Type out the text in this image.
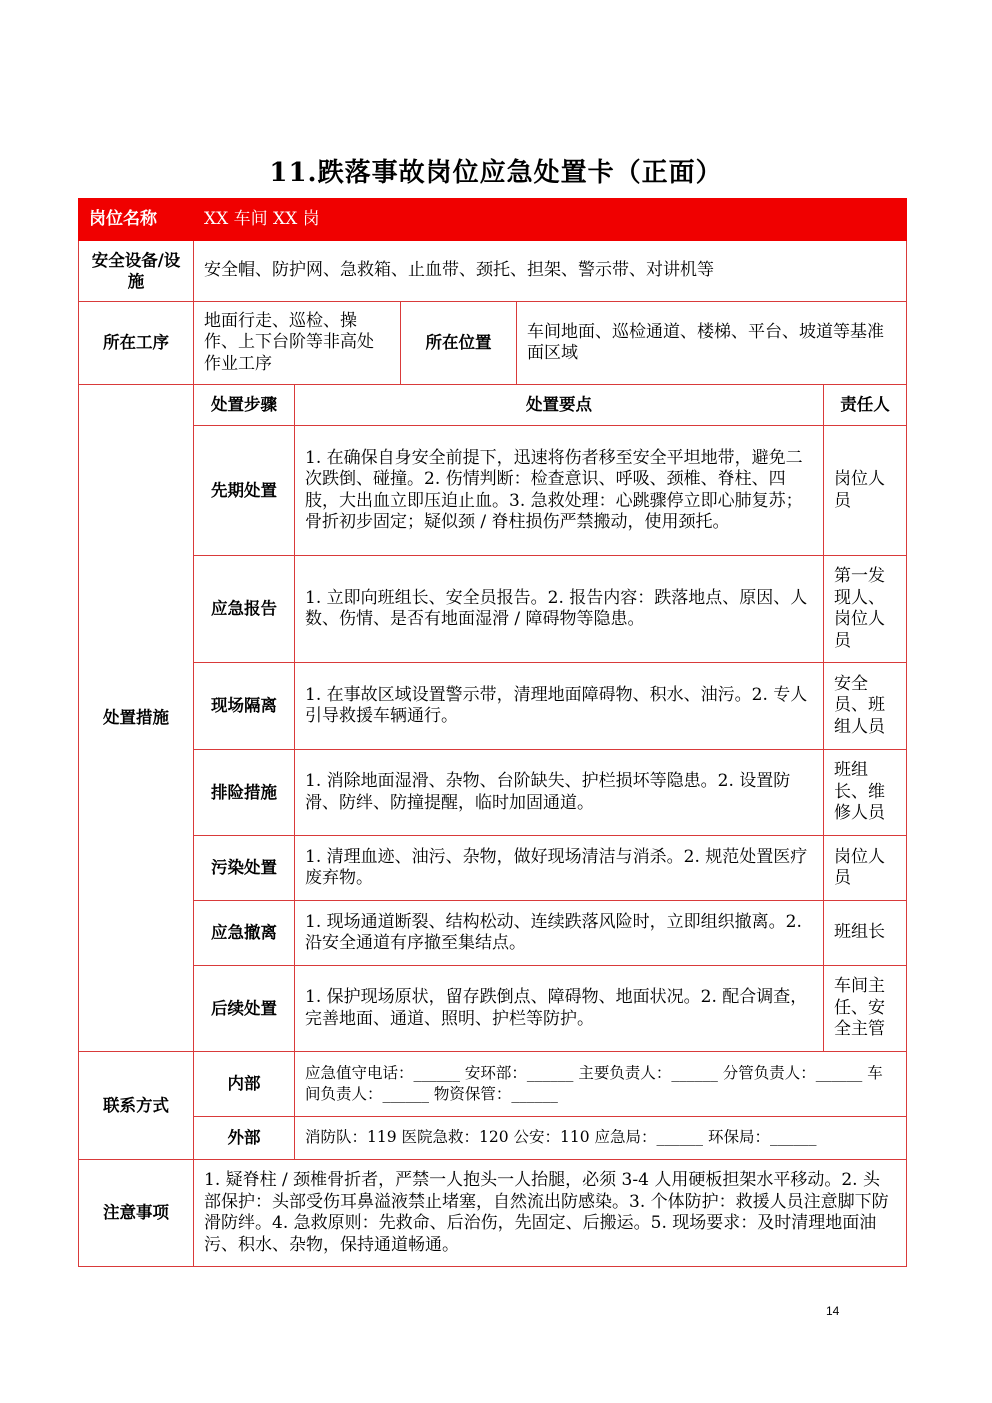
11.跌落事故岗位应急处置卡（正面）
岗位名称	XX 车间 XX 岗				
安全设备/设施	安全帽、防护网、急救箱、止血带、颈托、担架、警示带、对讲机等				
所在工序	地面行走、巡检、操作、上下台阶等非高处作业工序		所在位置	车间地面、巡检通道、楼梯、平台、坡道等基准面区域	
处置措施	处置步骤	处置要点			责任人
	先期处置	1. 在确保自身安全前提下，迅速将伤者移至安全平坦地带，避免二次跌倒、碰撞。2. 伤情判断：检查意识、呼吸、颈椎、脊柱、四肢，大出血立即压迫止血。3. 急救处理：心跳骤停立即心肺复苏；骨折初步固定；疑似颈 / 脊柱损伤严禁搬动，使用颈托。			岗位人员
	应急报告	1. 立即向班组长、安全员报告。2. 报告内容：跌落地点、原因、人数、伤情、是否有地面湿滑 / 障碍物等隐患。			第一发现人、岗位人员
	现场隔离	1. 在事故区域设置警示带，清理地面障碍物、积水、油污。2. 专人引导救援车辆通行。			安全员、班组人员
	排险措施	1. 消除地面湿滑、杂物、台阶缺失、护栏损坏等隐患。2. 设置防滑、防绊、防撞提醒，临时加固通道。			班组长、维修人员
	污染处置	1. 清理血迹、油污、杂物，做好现场清洁与消杀。2. 规范处置医疗废弃物。			岗位人员
	应急撤离	1. 现场通道断裂、结构松动、连续跌落风险时，立即组织撤离。2. 沿安全通道有序撤至集结点。			班组长
	后续处置	1. 保护现场原状，留存跌倒点、障碍物、地面状况。2. 配合调查，完善地面、通道、照明、护栏等防护。			车间主任、安全主管
联系方式	内部	应急值守电话：______ 安环部：______ 主要负责人：______ 分管负责人：______ 车间负责人：______ 物资保管：______			
	外部	消防队：119 医院急救：120 公安：110 应急局：______ 环保局：______			
注意事项	1. 疑脊柱 / 颈椎骨折者，严禁一人抱头一人抬腿，必须 3-4 人用硬板担架水平移动。2. 头部保护：头部受伤耳鼻溢液禁止堵塞，自然流出防感染。3. 个体防护：救援人员注意脚下防滑防绊。4. 急救原则：先救命、后治伤，先固定、后搬运。5. 现场要求：及时清理地面油污、积水、杂物，保持通道畅通。				
14
